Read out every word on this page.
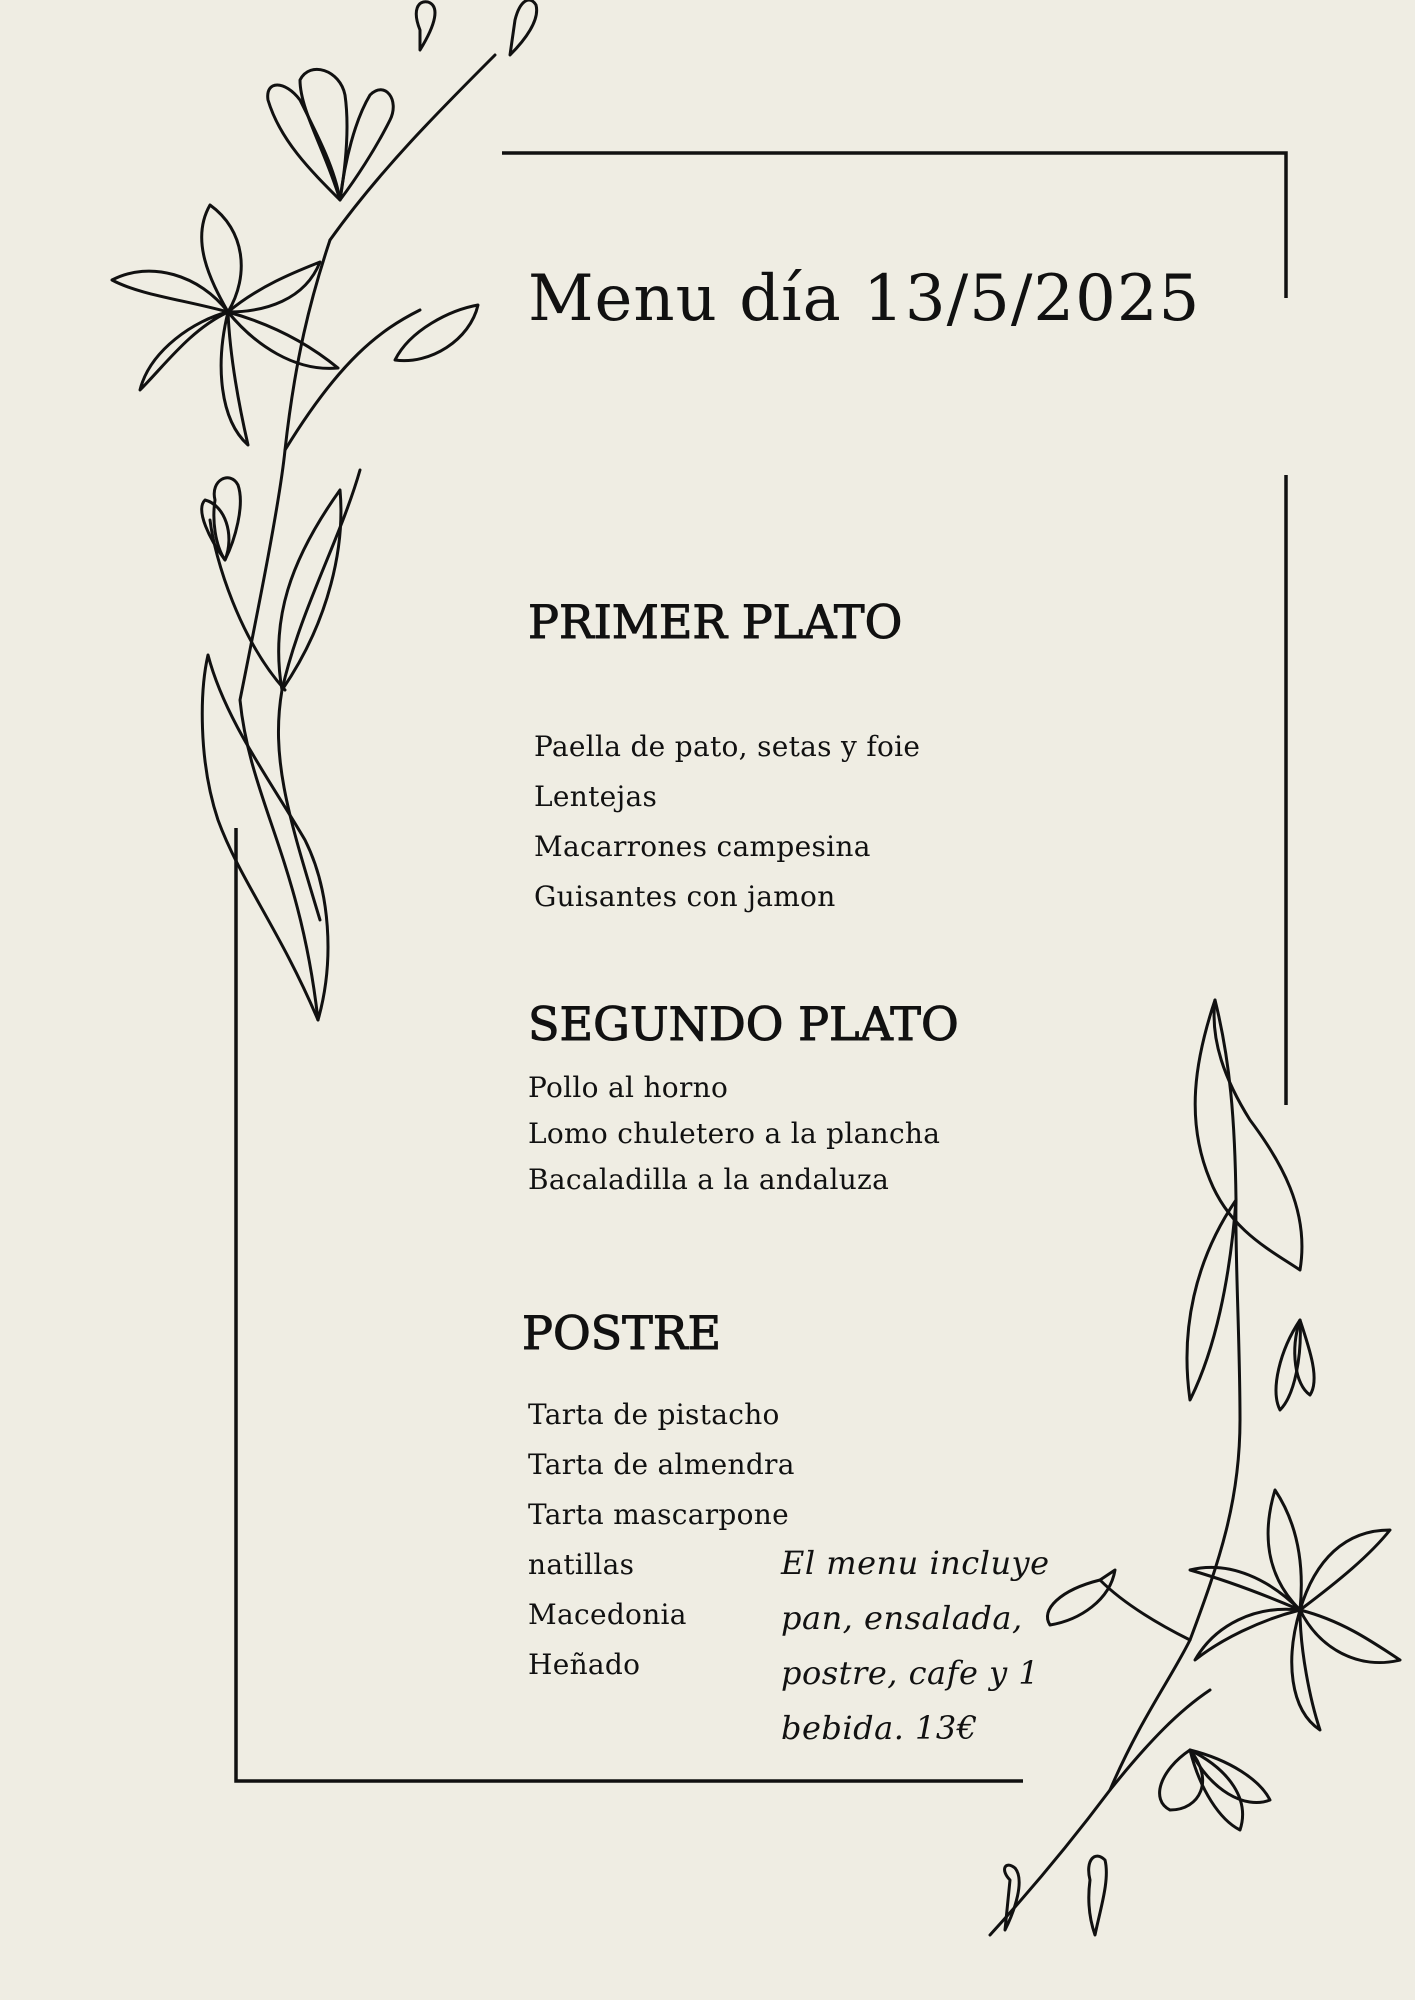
Menu día 13/5/2025
PRIMER PLATO
Paella de pato, setas y foie
Lentejas
Macarrones campesina
Guisantes con jamon
SEGUNDO PLATO
Pollo al horno
Lomo chuletero a la plancha
Bacaladilla a la andaluza
POSTRE
Tarta de pistacho
Tarta de almendra
Tarta mascarpone
natillas
Macedonia
Heñado
El menu incluye
pan, ensalada,
postre, cafe y 1
bebida. 13€
